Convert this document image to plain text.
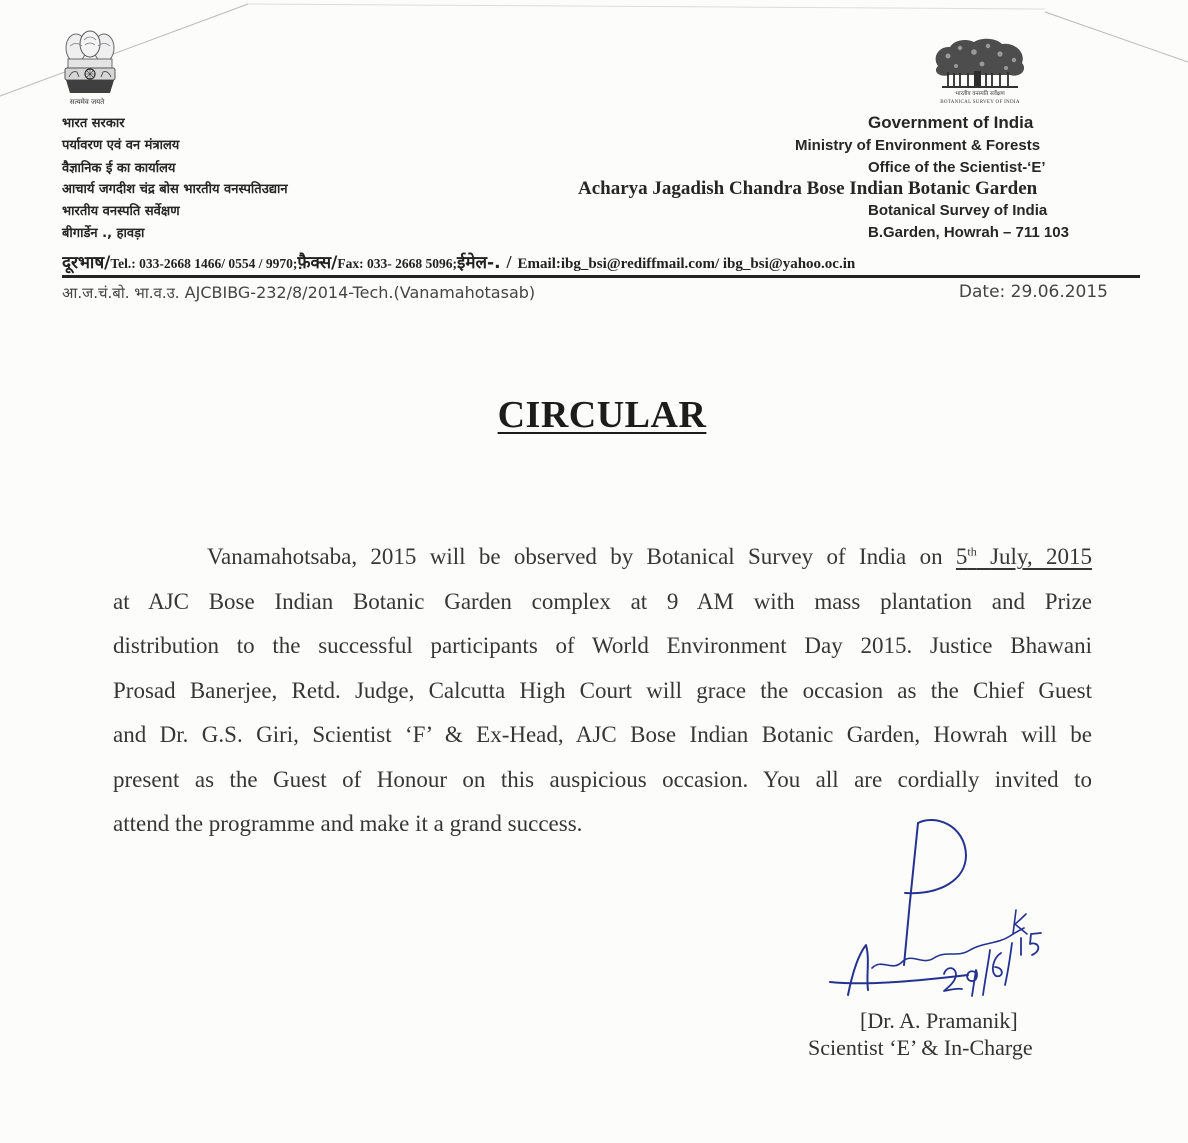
सत्यमेव जयते
भारत सरकार
पर्यावरण एवं वन मंत्रालय
वैज्ञानिक ई का कार्यालय
आचार्य जगदीश चंद्र बोस भारतीय वनस्पतिउद्यान
भारतीय वनस्पति सर्वेक्षण
बीगार्डेन ., हावड़ा
भारतीय वनस्पति सर्वेक्षण
BOTANICAL SURVEY OF INDIA
Government of India
Ministry of Environment & Forests
Office of the Scientist-‘E’
Acharya Jagadish Chandra Bose Indian Botanic Garden
Botanical Survey of India
B.Garden, Howrah – 711 103
दूरभाष/Tel.: 033-2668 1466/ 0554 / 9970;फ़ैक्स/Fax: 033- 2668 5096;ईमेल-. / Email:ibg_bsi@rediffmail.com/ ibg_bsi@yahoo.oc.in
आ.ज.चं.बो. भा.व.उ. AJCBIBG-232/8/2014-Tech.(Vanamahotasab)	Date: 29.06.2015
CIRCULAR
Vanamahotsaba, 2015 will be observed by Botanical Survey of India on 5th July, 2015
at AJC Bose Indian Botanic Garden complex at 9 AM with mass plantation and Prize
distribution to the successful participants of World Environment Day 2015. Justice Bhawani
Prosad Banerjee, Retd. Judge, Calcutta High Court will grace the occasion as the Chief Guest
and Dr. G.S. Giri, Scientist ‘F’ & Ex-Head, AJC Bose Indian Botanic Garden, Howrah will be
present as the Guest of Honour on this auspicious occasion. You all are cordially invited to
attend the programme and make it a grand success.
[Dr. A. Pramanik]
Scientist ‘E’ & In-Charge
